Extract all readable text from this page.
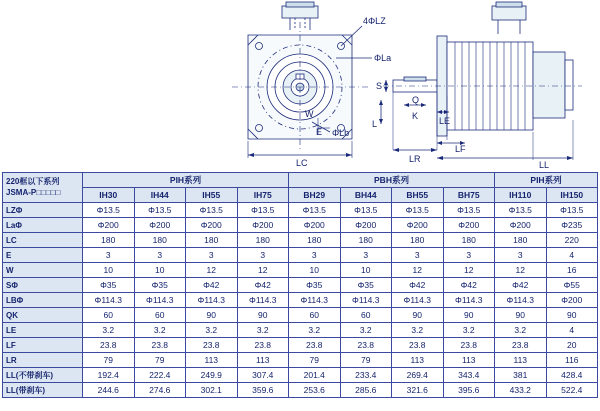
4ΦLZ
ΦLa
ΦLb
E
W
LC
S
L
Q
K LE
LF
LR
LL
220框以下系列
JSMA-P□□□□□	PIH系列				PBH系列				PIH系列	
	IH30	IH44	IH55	IH75	BH29	BH44	BH55	BH75	IH110	IH150
LZΦ	Φ13.5	Φ13.5	Φ13.5	Φ13.5	Φ13.5	Φ13.5	Φ13.5	Φ13.5	Φ13.5	Φ13.5
LaΦ	Φ200	Φ200	Φ200	Φ200	Φ200	Φ200	Φ200	Φ200	Φ200	Φ235
LC	180	180	180	180	180	180	180	180	180	220
E	3	3	3	3	3	3	3	3	3	4
W	10	10	12	12	10	10	12	12	12	16
SΦ	Φ35	Φ35	Φ42	Φ42	Φ35	Φ35	Φ42	Φ42	Φ42	Φ55
LBΦ	Φ114.3	Φ114.3	Φ114.3	Φ114.3	Φ114.3	Φ114.3	Φ114.3	Φ114.3	Φ114.3	Φ200
QK	60	60	90	90	60	60	90	90	90	90
LE	3.2	3.2	3.2	3.2	3.2	3.2	3.2	3.2	3.2	4
LF	23.8	23.8	23.8	23.8	23.8	23.8	23.8	23.8	23.8	20
LR	79	79	113	113	79	79	113	113	113	116
LL(不带刹车)	192.4	222.4	249.9	307.4	201.4	233.4	269.4	343.4	381	428.4
LL(带刹车)	244.6	274.6	302.1	359.6	253.6	285.6	321.6	395.6	433.2	522.4
